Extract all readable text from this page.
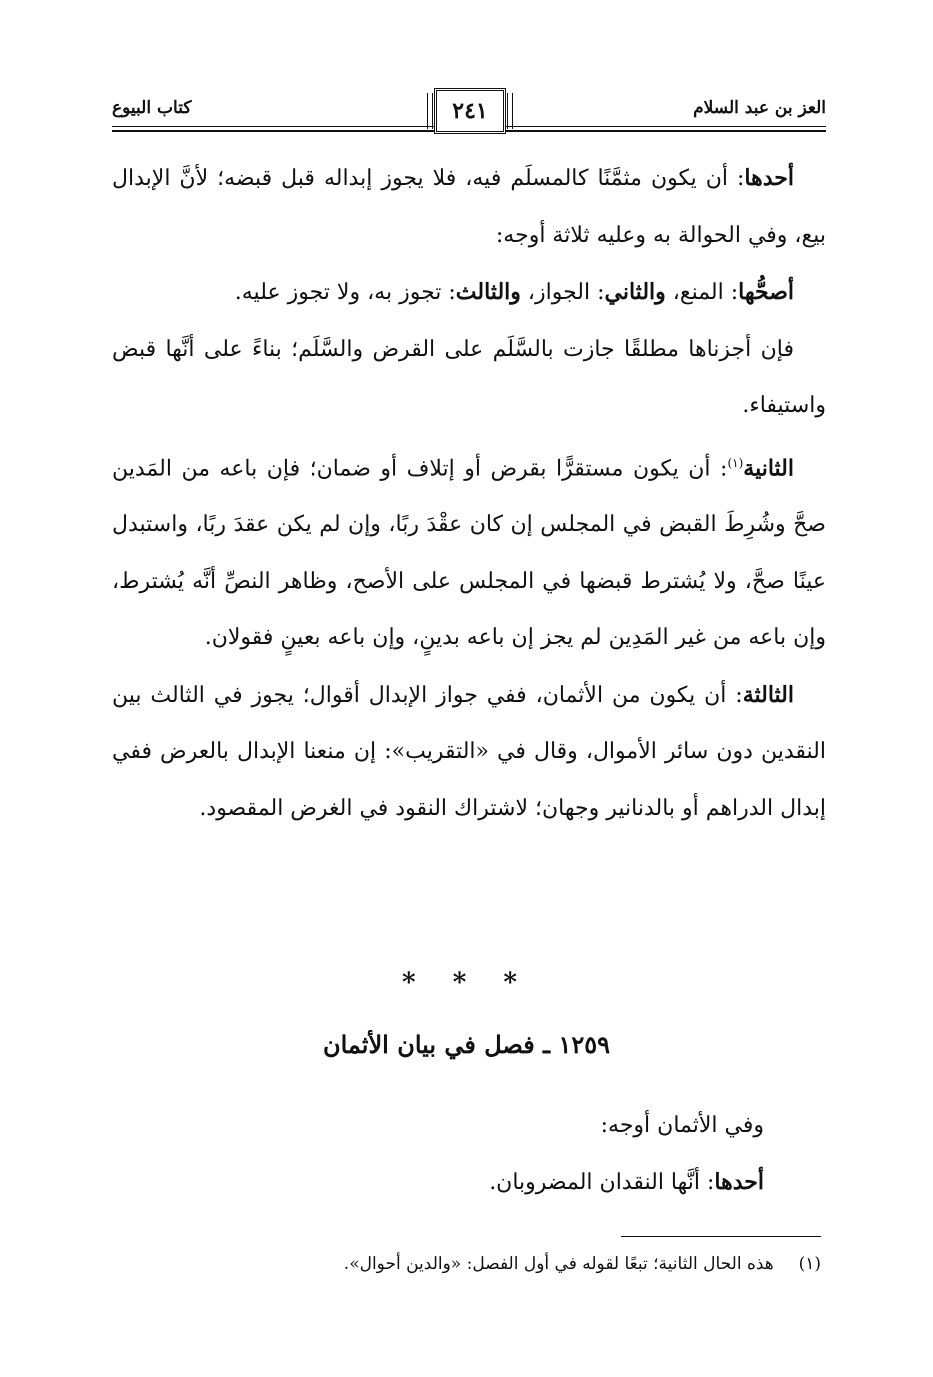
العز بن عبد السلام
كتاب البيوع	٢٤١

أحدها: أن يكون مثمَّنًا كالمسلَم فيه، فلا يجوز إبداله قبل قبضه؛ لأنَّ الإبدال بيع، وفي الحوالة به وعليه ثلاثة أوجه:

أصحُّها: المنع، والثاني: الجواز، والثالث: تجوز به، ولا تجوز عليه.

فإن أجزناها مطلقًا جازت بالسَّلَم على القرض والسَّلَم؛ بناءً على أنَّها قبض واستيفاء.

الثانية$^{(١)}$: أن يكون مستقرًّا بقرض أو إتلاف أو ضمان؛ فإن باعه من المَدين صحَّ وشُرِطَ القبض في المجلس إن كان عقْدَ ربًا، وإن لم يكن عقدَ ربًا، واستبدل عينًا صحَّ، ولا يُشترط قبضها في المجلس على الأصح، وظاهر النصِّ أنَّه يُشترط، وإن باعه من غير المَدِين لم يجز إن باعه بدينٍ، وإن باعه بعينٍ فقولان.

الثالثة: أن يكون من الأثمان، ففي جواز الإبدال أقوال؛ يجوز في الثالث بين النقدين دون سائر الأموال، وقال في «التقريب»: إن منعنا الإبدال بالعرض ففي إبدال الدراهم أو بالدنانير وجهان؛ لاشتراك النقود في الغرض المقصود.

* * *
١٢٥٩ ـ فصل في بيان الأثمان

وفي الأثمان أوجه:

أحدها: أنَّها النقدان المضروبان.

(١)  هذه الحال الثانية؛ تبعًا لقوله في أول الفصل: «والدين أحوال».
